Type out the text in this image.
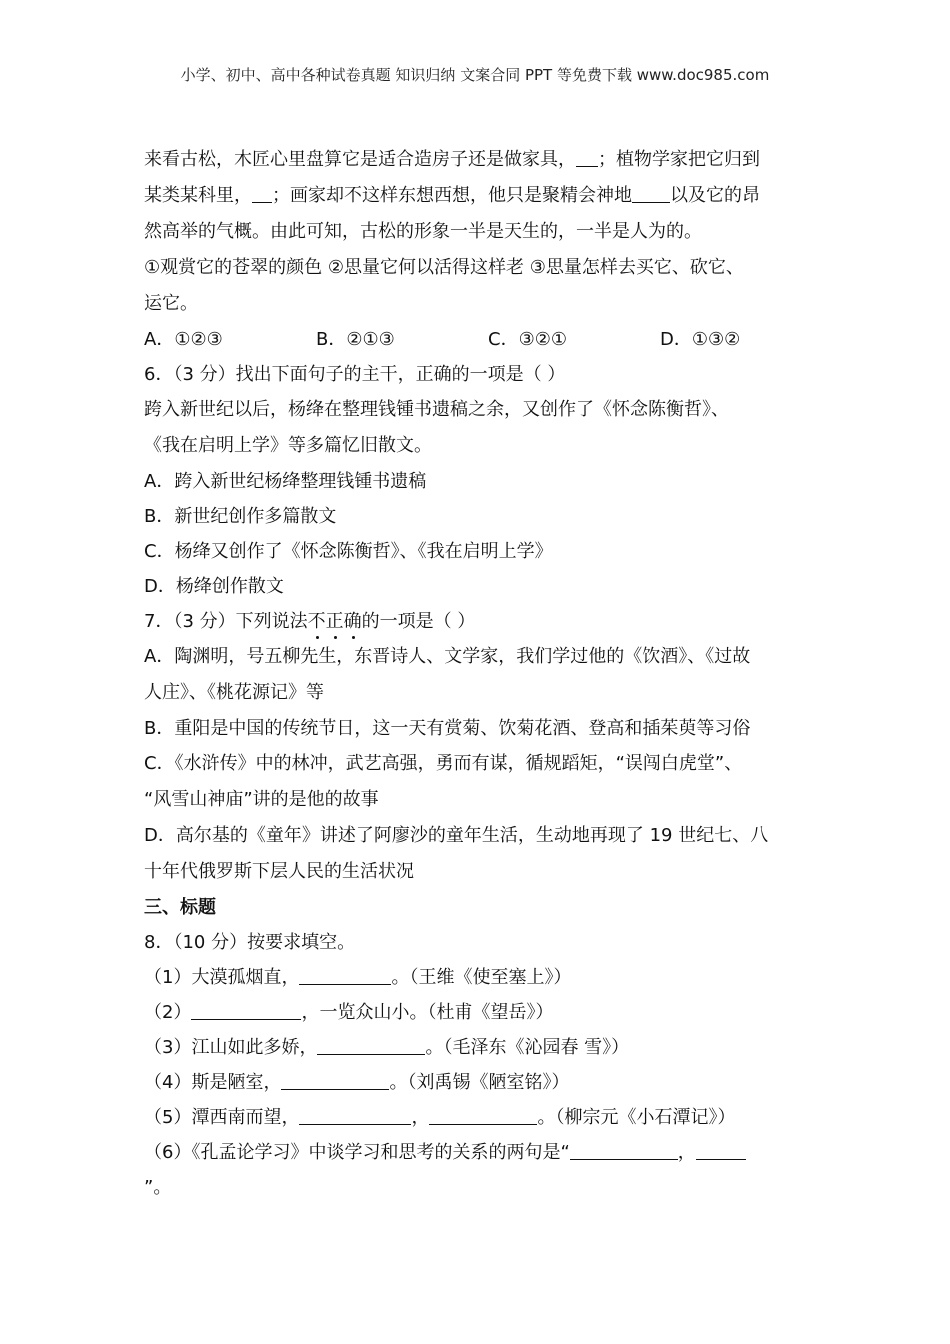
小学、初中、高中各种试卷真题 知识归纳 文案合同 PPT 等免费下载 www.doc985.com
来看古松，木匠心里盘算它是适合造房子还是做家具， ；植物学家把它归到
某类某科里， ；画家却不这样东想西想，他只是聚精会神地 以及它的昂
然高举的气概。由此可知，古松的形象一半是天生的，一半是人为的。
①观赏它的苍翠的颜色 ②思量它何以活得这样老 ③思量怎样去买它、砍它、
运它。
A．①②③	B．②①③	C．③②①	D．①③②
6．（3 分）找出下面句子的主干，正确的一项是（ ）
跨入新世纪以后，杨绛在整理钱锺书遗稿之余，又创作了《怀念陈衡哲》、
《我在启明上学》等多篇忆旧散文。
A．跨入新世纪杨绛整理钱锺书遗稿
B．新世纪创作多篇散文
C．杨绛又创作了《怀念陈衡哲》、《我在启明上学》
D．杨绛创作散文
7．（3 分）下列说法不正确的一项是（ ）
A．陶渊明，号五柳先生，东晋诗人、文学家，我们学过他的《饮酒》、《过故
人庄》、《桃花源记》等
B．重阳是中国的传统节日，这一天有赏菊、饮菊花酒、登高和插茱萸等习俗
C．《水浒传》中的林冲，武艺高强，勇而有谋，循规蹈矩，“误闯白虎堂”、
“风雪山神庙”讲的是他的故事
D．高尔基的《童年》讲述了阿廖沙的童年生活，生动地再现了 19 世纪七、八
十年代俄罗斯下层人民的生活状况
三、标题
8．（10 分）按要求填空。
（1）大漠孤烟直，	。（王维《使至塞上》）
（2）	，一览众山小。（杜甫《望岳》）
（3）江山如此多娇，	。（毛泽东《沁园春 雪》）
（4）斯是陋室，	。（刘禹锡《陋室铭》）
（5）潭西南而望，	，	。（柳宗元《小石潭记》）
（6）《孔孟论学习》中谈学习和思考的关系的两句是“	，
”。
